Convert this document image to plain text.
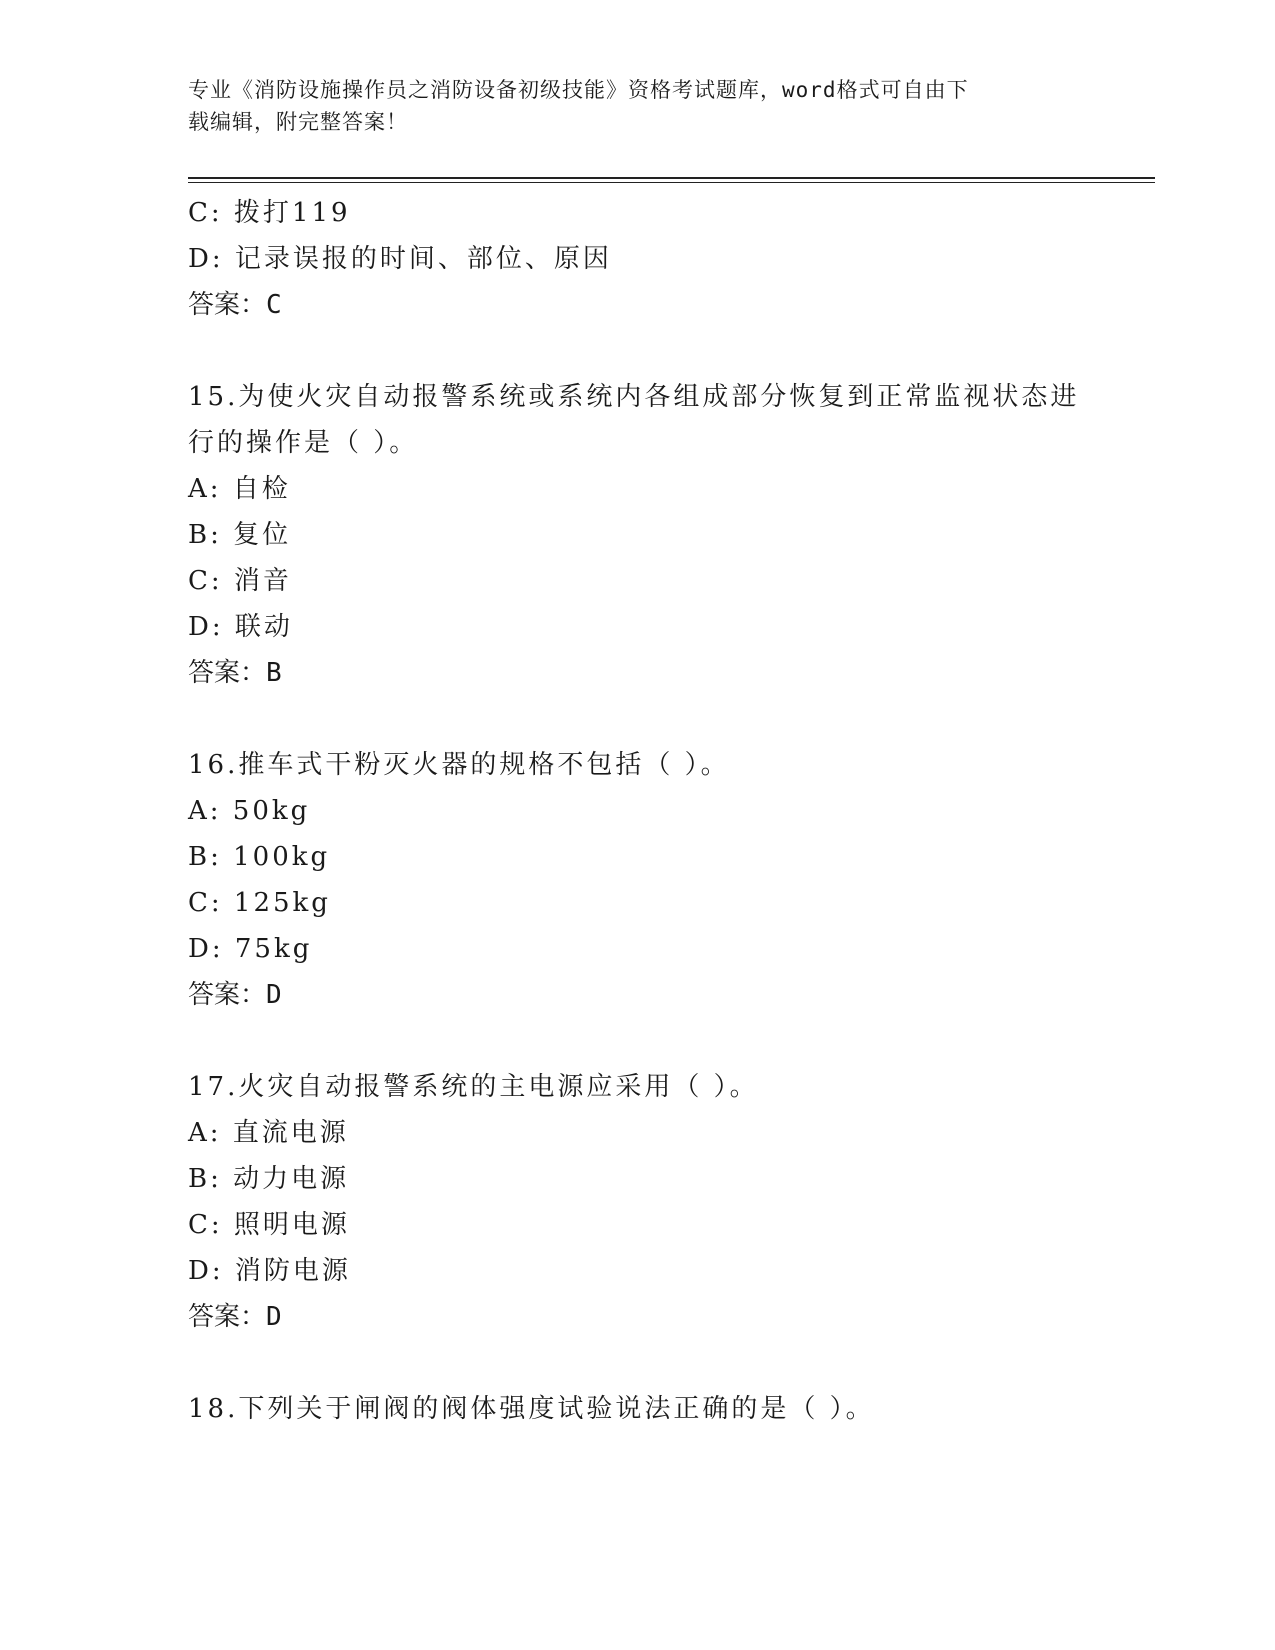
专业《消防设施操作员之消防设备初级技能》资格考试题库，word格式可自由下
载编辑，附完整答案！
C: 拨打119
D: 记录误报的时间、部位、原因
答案：C
15.为使火灾自动报警系统或系统内各组成部分恢复到正常监视状态进
行的操作是（ ）。
A: 自检
B: 复位
C: 消音
D: 联动
答案：B
16.推车式干粉灭火器的规格不包括（ ）。
A: 50kg
B: 100kg
C: 125kg
D: 75kg
答案：D
17.火灾自动报警系统的主电源应采用（ ）。
A: 直流电源
B: 动力电源
C: 照明电源
D: 消防电源
答案：D
18.下列关于闸阀的阀体强度试验说法正确的是（ ）。
